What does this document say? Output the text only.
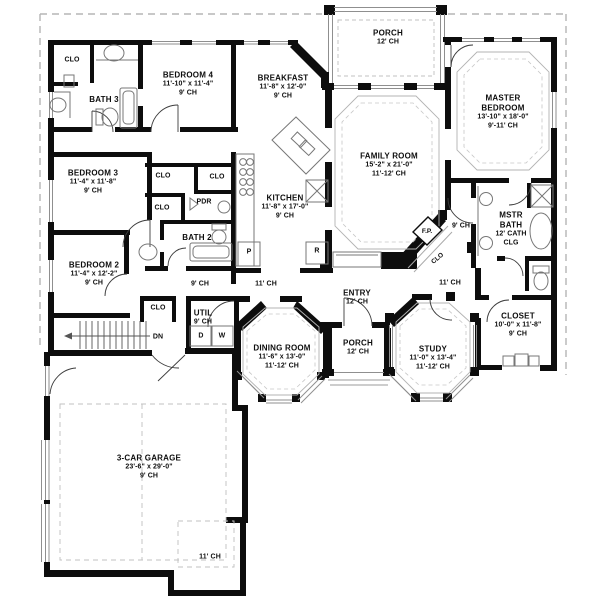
PORCH
12' CH
MASTER BEDROOM
13'-10" x 18'-0"
9'-11' CH
BEDROOM 4
11'-10" x 11'-4"
9' CH
BREAKFAST
11'-8" x 12'-0"
9' CH
FAMILY ROOM
15'-2" x 21'-0"
11'-12' CH
CLO
BATH 3
BEDROOM 3
11'-4" x 11'-8"
9' CH
CLO	CLO
CLO
PDR
BATH 2
KITCHEN
11'-8" x 17'-0"
9' CH
P	R
MSTR BATH
12' CATH CLG
9' CH
F.P.
CLO
11' CH
BEDROOM 2
11'-4" x 12'-2"
9' CH	9' CH	11' CH
ENTRY
12' CH
CLO
UTIL
9' CH
D W
DN
DINING ROOM
11'-6" x 13'-0"
11'-12' CH
PORCH
12' CH	STUDY
11'-0" x 13'-4"
11'-12' CH
CLOSET
10'-0" x 11'-8"
9' CH
3-CAR GARAGE
23'-6" x 29'-0"
9' CH
11' CH
